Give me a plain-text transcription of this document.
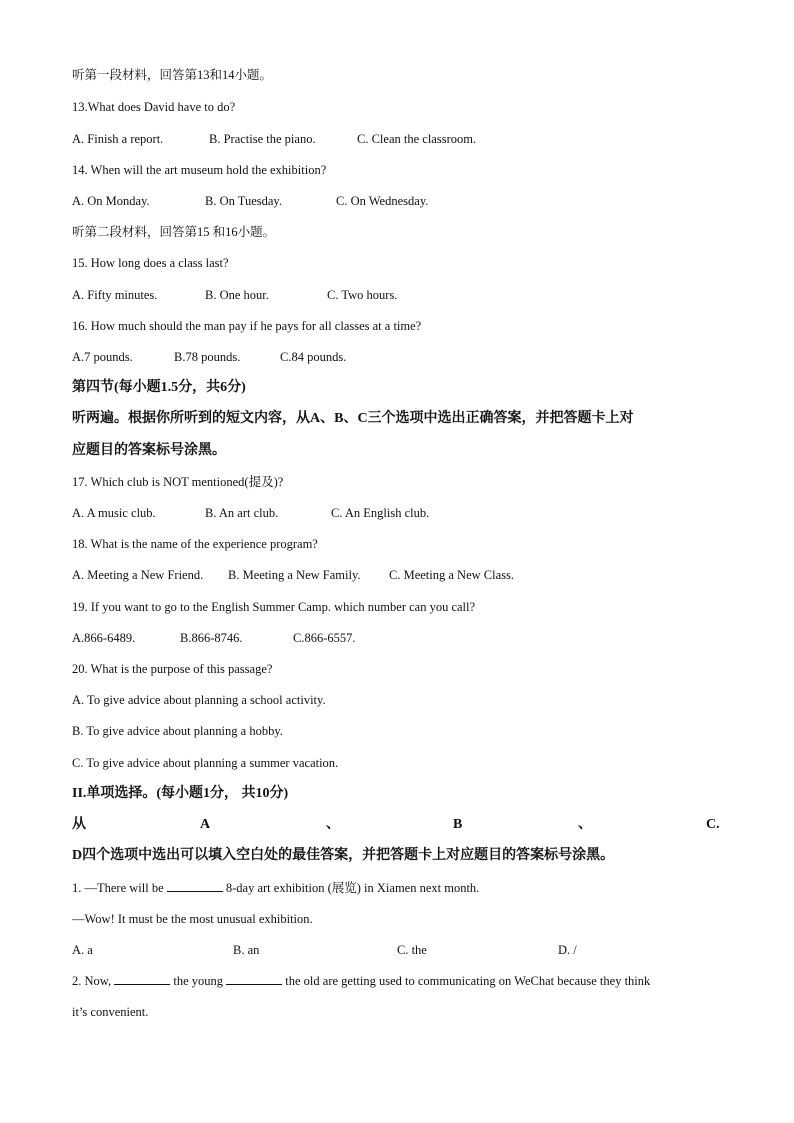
听第一段材料，回答第13和14小题。
13.What does David have to do?
A. Finish a report.	B. Practise the piano.	C. Clean the classroom.
14. When will the art museum hold the exhibition?
A. On Monday.	B. On Tuesday.	C. On Wednesday.
听第二段材料，回答第15 和16小题。
15. How long does a class last?
A. Fifty minutes.	B. One hour.	C. Two hours.
16. How much should the man pay if he pays for all classes at a time?
A.7 pounds.	B.78 pounds.	C.84 pounds.
第四节(每小题1.5分，共6分)
听两遍。根据你所听到的短文内容，从A、B、C三个选项中选出正确答案，并把答题卡上对
应题目的答案标号涂黑。
17. Which club is NOT mentioned(提及)?
A. A music club.	B. An art club.	C. An English club.
18. What is the name of the experience program?
A. Meeting a New Friend. B. Meeting a New Family. C. Meeting a New Class.
19. If you want to go to the English Summer Camp. which number can you call?
A.866-6489.	B.866-8746.	C.866-6557.
20. What is the purpose of this passage?
A. To give advice about planning a school activity.
B. To give advice about planning a hobby.
C. To give advice about planning a summer vacation.
II.单项选择。(每小题1分， 共10分)
从	A	、	B	、	C.
D四个选项中选出可以填入空白处的最佳答案，并把答题卡上对应题目的答案标号涂黑。
1. —There will be	8-day art exhibition (展览) in Xiamen next month.
—Wow! It must be the most unusual exhibition.
A. a	B. an	C. the	D. /
2. Now,	the young	the old are getting used to communicating on WeChat because they think
it’s convenient.
